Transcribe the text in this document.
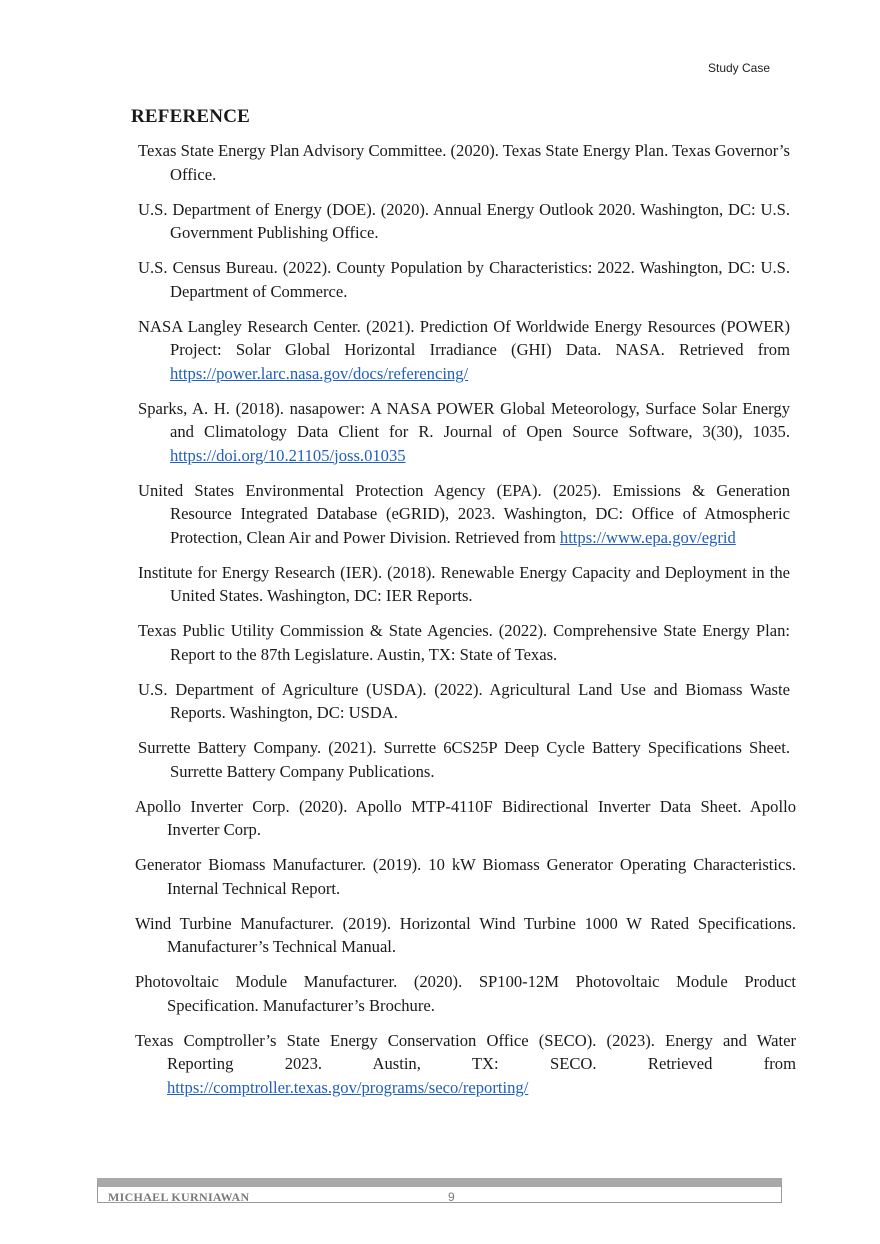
Study Case
REFERENCE

Texas State Energy Plan Advisory Committee. (2020). Texas State Energy Plan. Texas Governor’s Office.

U.S. Department of Energy (DOE). (2020). Annual Energy Outlook 2020. Washington, DC: U.S. Government Publishing Office.

U.S. Census Bureau. (2022). County Population by Characteristics: 2022. Washington, DC: U.S. Department of Commerce.

NASA Langley Research Center. (2021). Prediction Of Worldwide Energy Resources (POWER) Project: Solar Global Horizontal Irradiance (GHI) Data. NASA. Retrieved from https://power.larc.nasa.gov/docs/referencing/

Sparks, A. H. (2018). nasapower: A NASA POWER Global Meteorology, Surface Solar Energy and Climatology Data Client for R. Journal of Open Source Software, 3(30), 1035. https://doi.org/10.21105/joss.01035

United States Environmental Protection Agency (EPA). (2025). Emissions & Generation Resource Integrated Database (eGRID), 2023. Washington, DC: Office of Atmospheric Protection, Clean Air and Power Division. Retrieved from https://www.epa.gov/egrid

Institute for Energy Research (IER). (2018). Renewable Energy Capacity and Deployment in the United States. Washington, DC: IER Reports.

Texas Public Utility Commission & State Agencies. (2022). Comprehensive State Energy Plan: Report to the 87th Legislature. Austin, TX: State of Texas.

U.S. Department of Agriculture (USDA). (2022). Agricultural Land Use and Biomass Waste Reports. Washington, DC: USDA.

Surrette Battery Company. (2021). Surrette 6CS25P Deep Cycle Battery Specifications Sheet. Surrette Battery Company Publications.

Apollo Inverter Corp. (2020). Apollo MTP-4110F Bidirectional Inverter Data Sheet. Apollo Inverter Corp.

Generator Biomass Manufacturer. (2019). 10 kW Biomass Generator Operating Characteristics. Internal Technical Report.

Wind Turbine Manufacturer. (2019). Horizontal Wind Turbine 1000 W Rated Specifications. Manufacturer’s Technical Manual.

Photovoltaic Module Manufacturer. (2020). SP100-12M Photovoltaic Module Product Specification. Manufacturer’s Brochure.

Texas Comptroller’s State Energy Conservation Office (SECO). (2023). Energy and Water Reporting 2023. Austin, TX: SECO. Retrieved from https://comptroller.texas.gov/programs/seco/reporting/

MICHAEL KURNIAWAN	9
